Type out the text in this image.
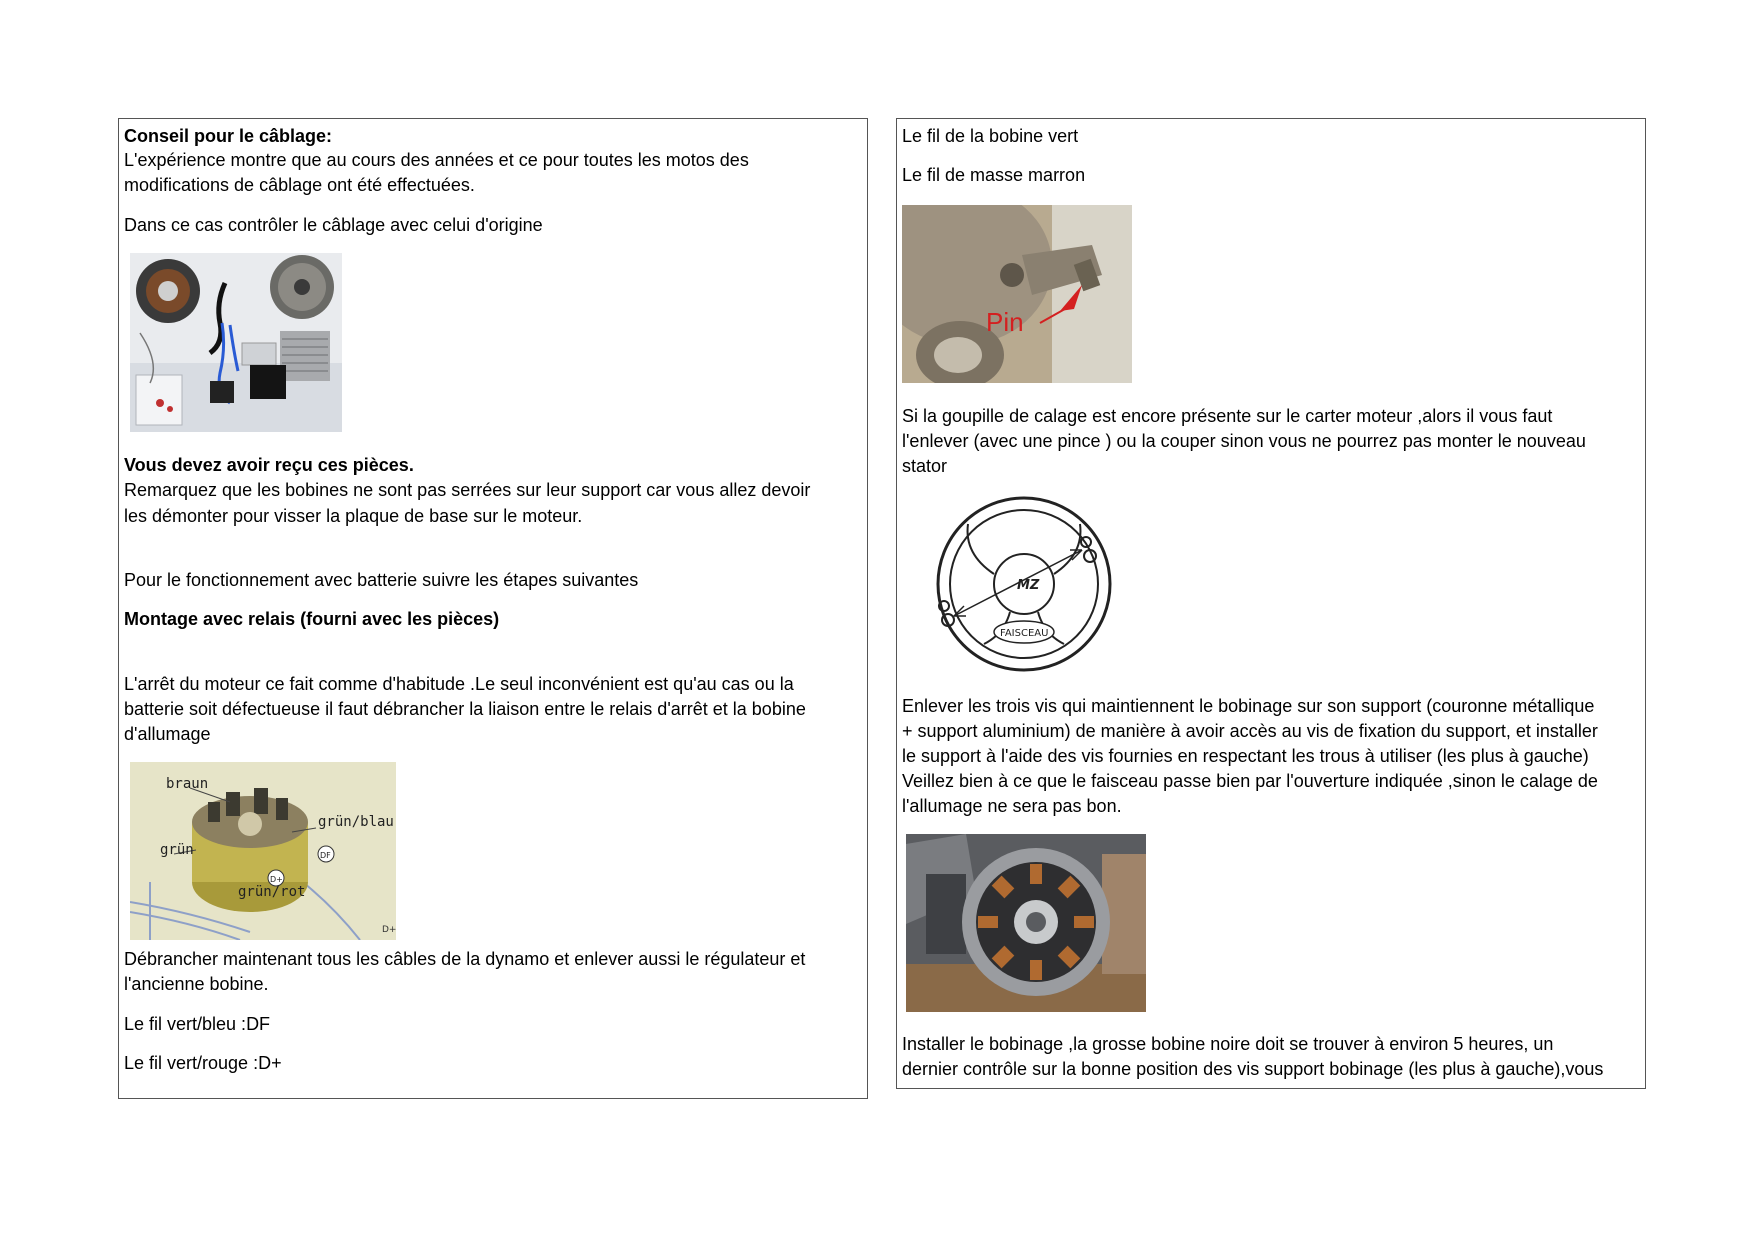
Conseil pour le câblage:
L'expérience montre que au cours des années et ce pour toutes les motos des
modifications de câblage ont été effectuées.
Dans ce cas contrôler le câblage avec celui d'origine
Vous devez avoir reçu ces pièces.
Remarquez que les bobines ne sont pas serrées sur leur support car vous allez devoir
les démonter pour visser la plaque de base sur le moteur.
Pour le fonctionnement avec batterie suivre les étapes suivantes
Montage avec relais (fourni avec les pièces)
L'arrêt du moteur ce fait comme d'habitude .Le seul inconvénient est qu'au cas ou la
batterie soit défectueuse il faut débrancher la liaison entre le relais d'arrêt et la bobine
d'allumage
braun
grün/blau
grün
grün/rot
DF
D+
D+
Débrancher maintenant tous les câbles de la dynamo et enlever aussi le régulateur et
l'ancienne bobine.
Le fil vert/bleu :DF
Le fil vert/rouge :D+
Le fil de la bobine vert
Le fil de masse marron
Pin
Si la goupille de calage est encore présente sur le carter moteur ,alors il vous faut
l'enlever (avec une pince ) ou la couper sinon vous ne pourrez pas monter le nouveau
stator
MZ
FAISCEAU
Enlever les trois vis qui maintiennent le bobinage sur son support (couronne métallique
+ support aluminium) de manière à avoir accès au vis de fixation du support, et installer
le support à l'aide des vis fournies en respectant les trous à utiliser (les plus à gauche)
Veillez bien à ce que le faisceau passe bien par l'ouverture indiquée ,sinon le calage de
l'allumage ne sera pas bon.
Installer le bobinage ,la grosse bobine noire doit se trouver à environ 5 heures, un
dernier contrôle sur la bonne position des vis support bobinage (les plus à gauche),vous
